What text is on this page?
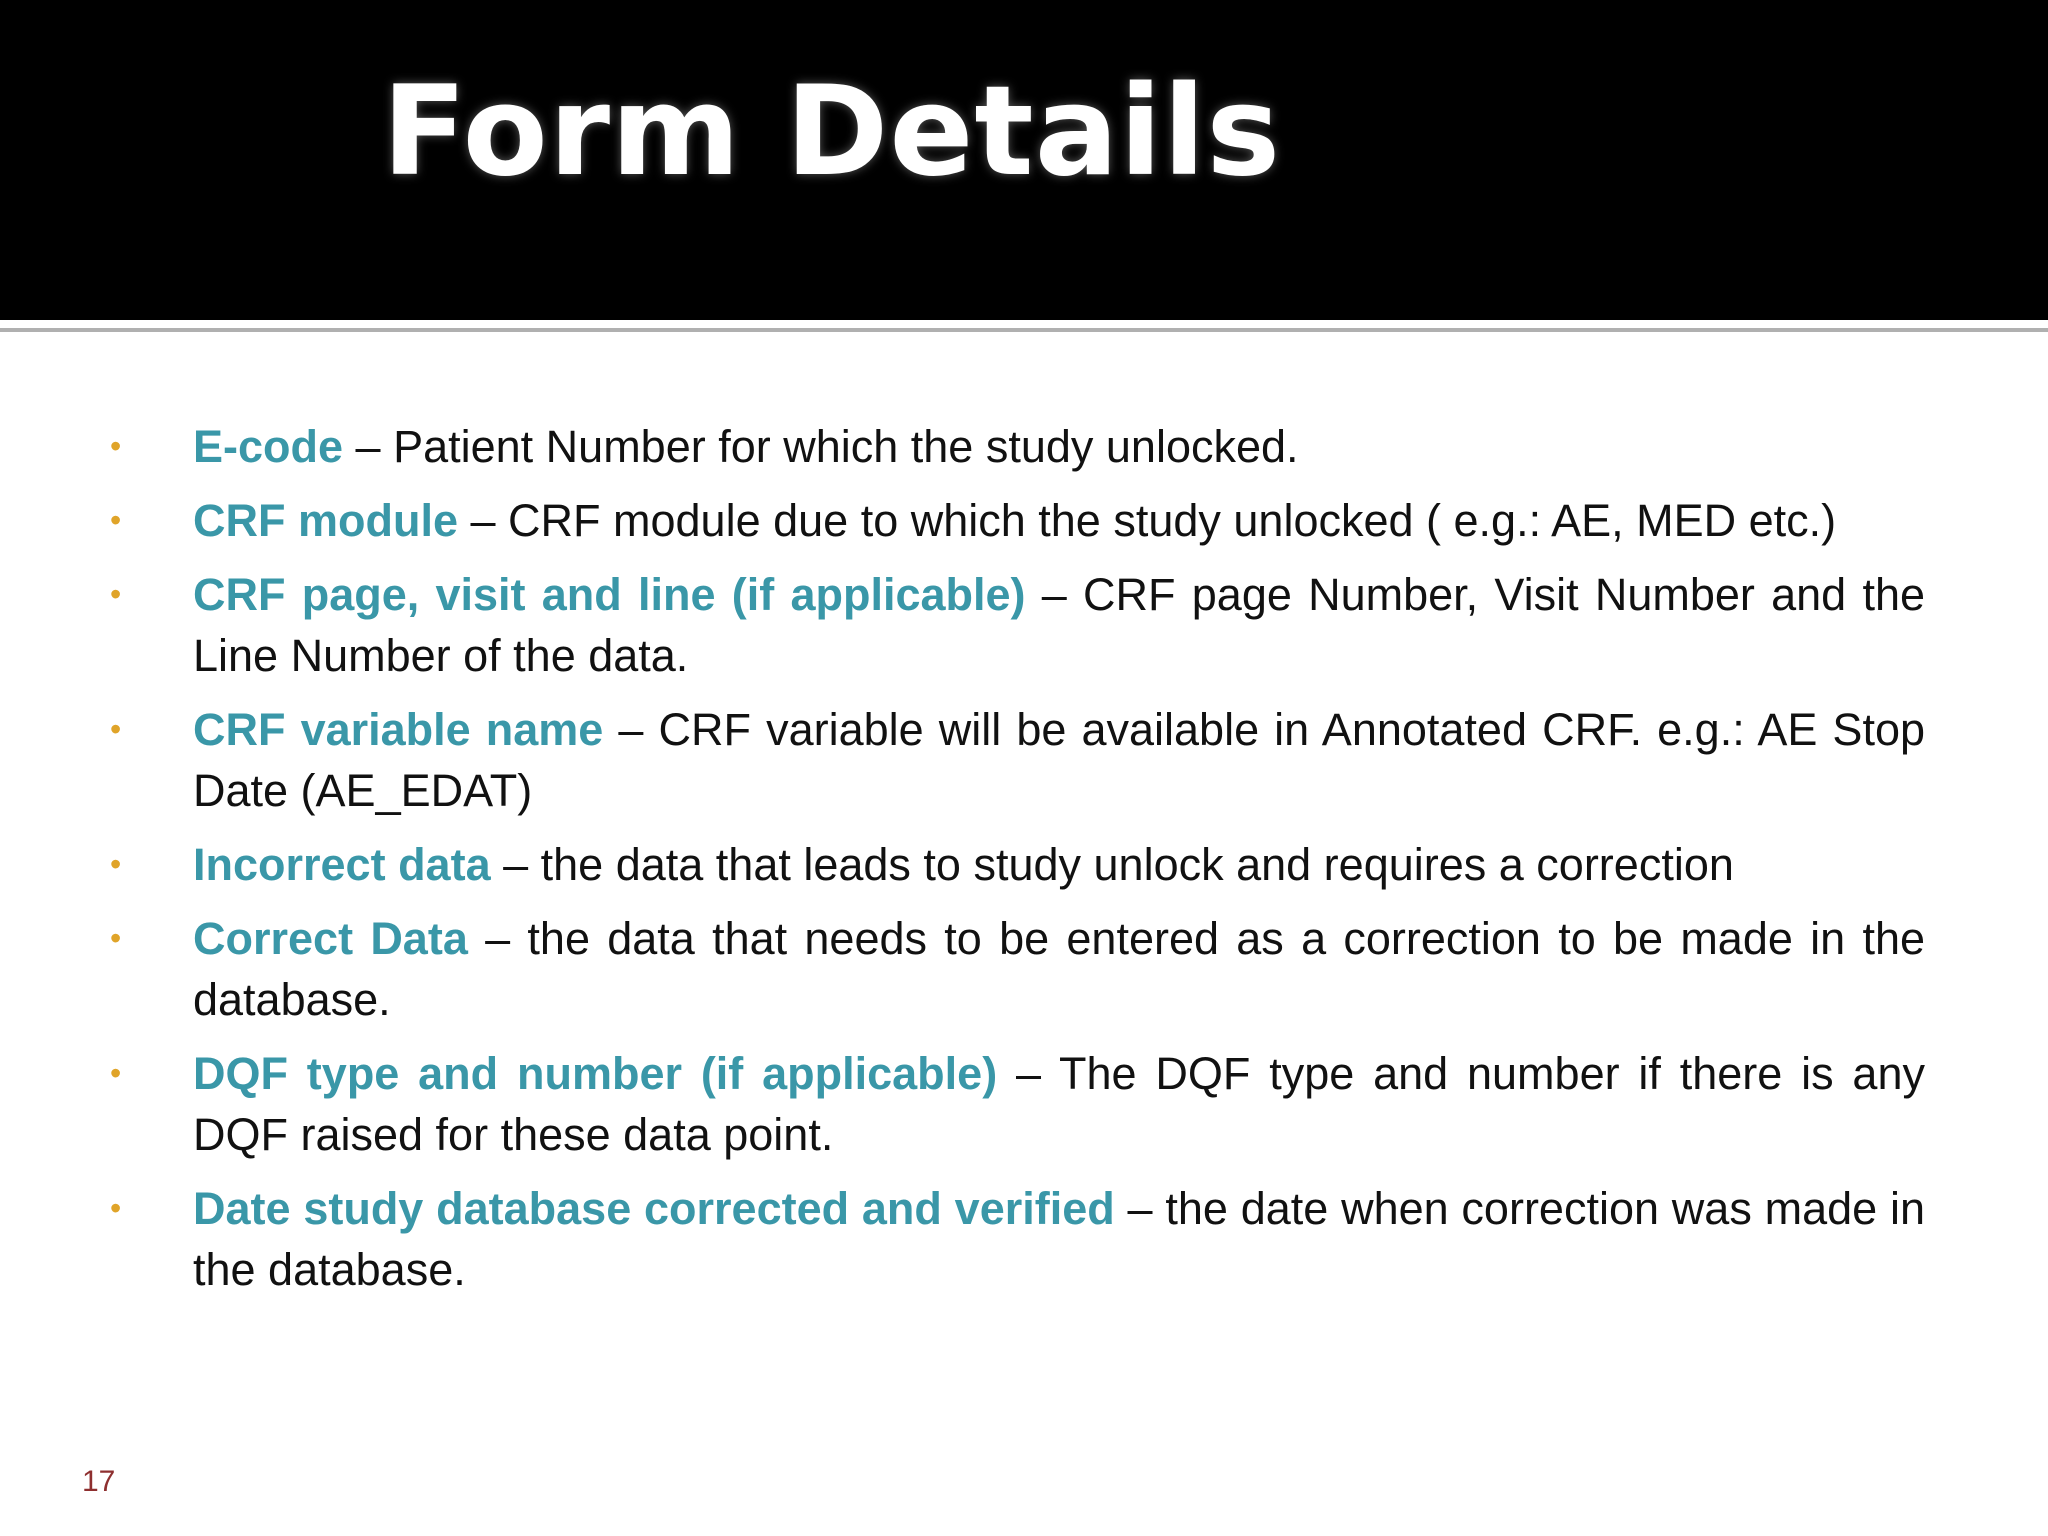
Form Details
• E-code – Patient Number for which the study unlocked.
• CRF module – CRF module due to which the study unlocked ( e.g.: AE, MED etc.)
• CRF page, visit and line (if applicable) – CRF page Number, Visit Number and the Line Number of the data.
• CRF variable name – CRF variable will be available in Annotated CRF. e.g.: AE Stop Date (AE_EDAT)
• Incorrect data – the data that leads to study unlock and requires a correction
• Correct Data – the data that needs to be entered as a correction to be made in the database.
• DQF type and number (if applicable) – The DQF type and number if there is any DQF raised for these data point.
• Date study database corrected and verified – the date when correction was made in the database.
17
